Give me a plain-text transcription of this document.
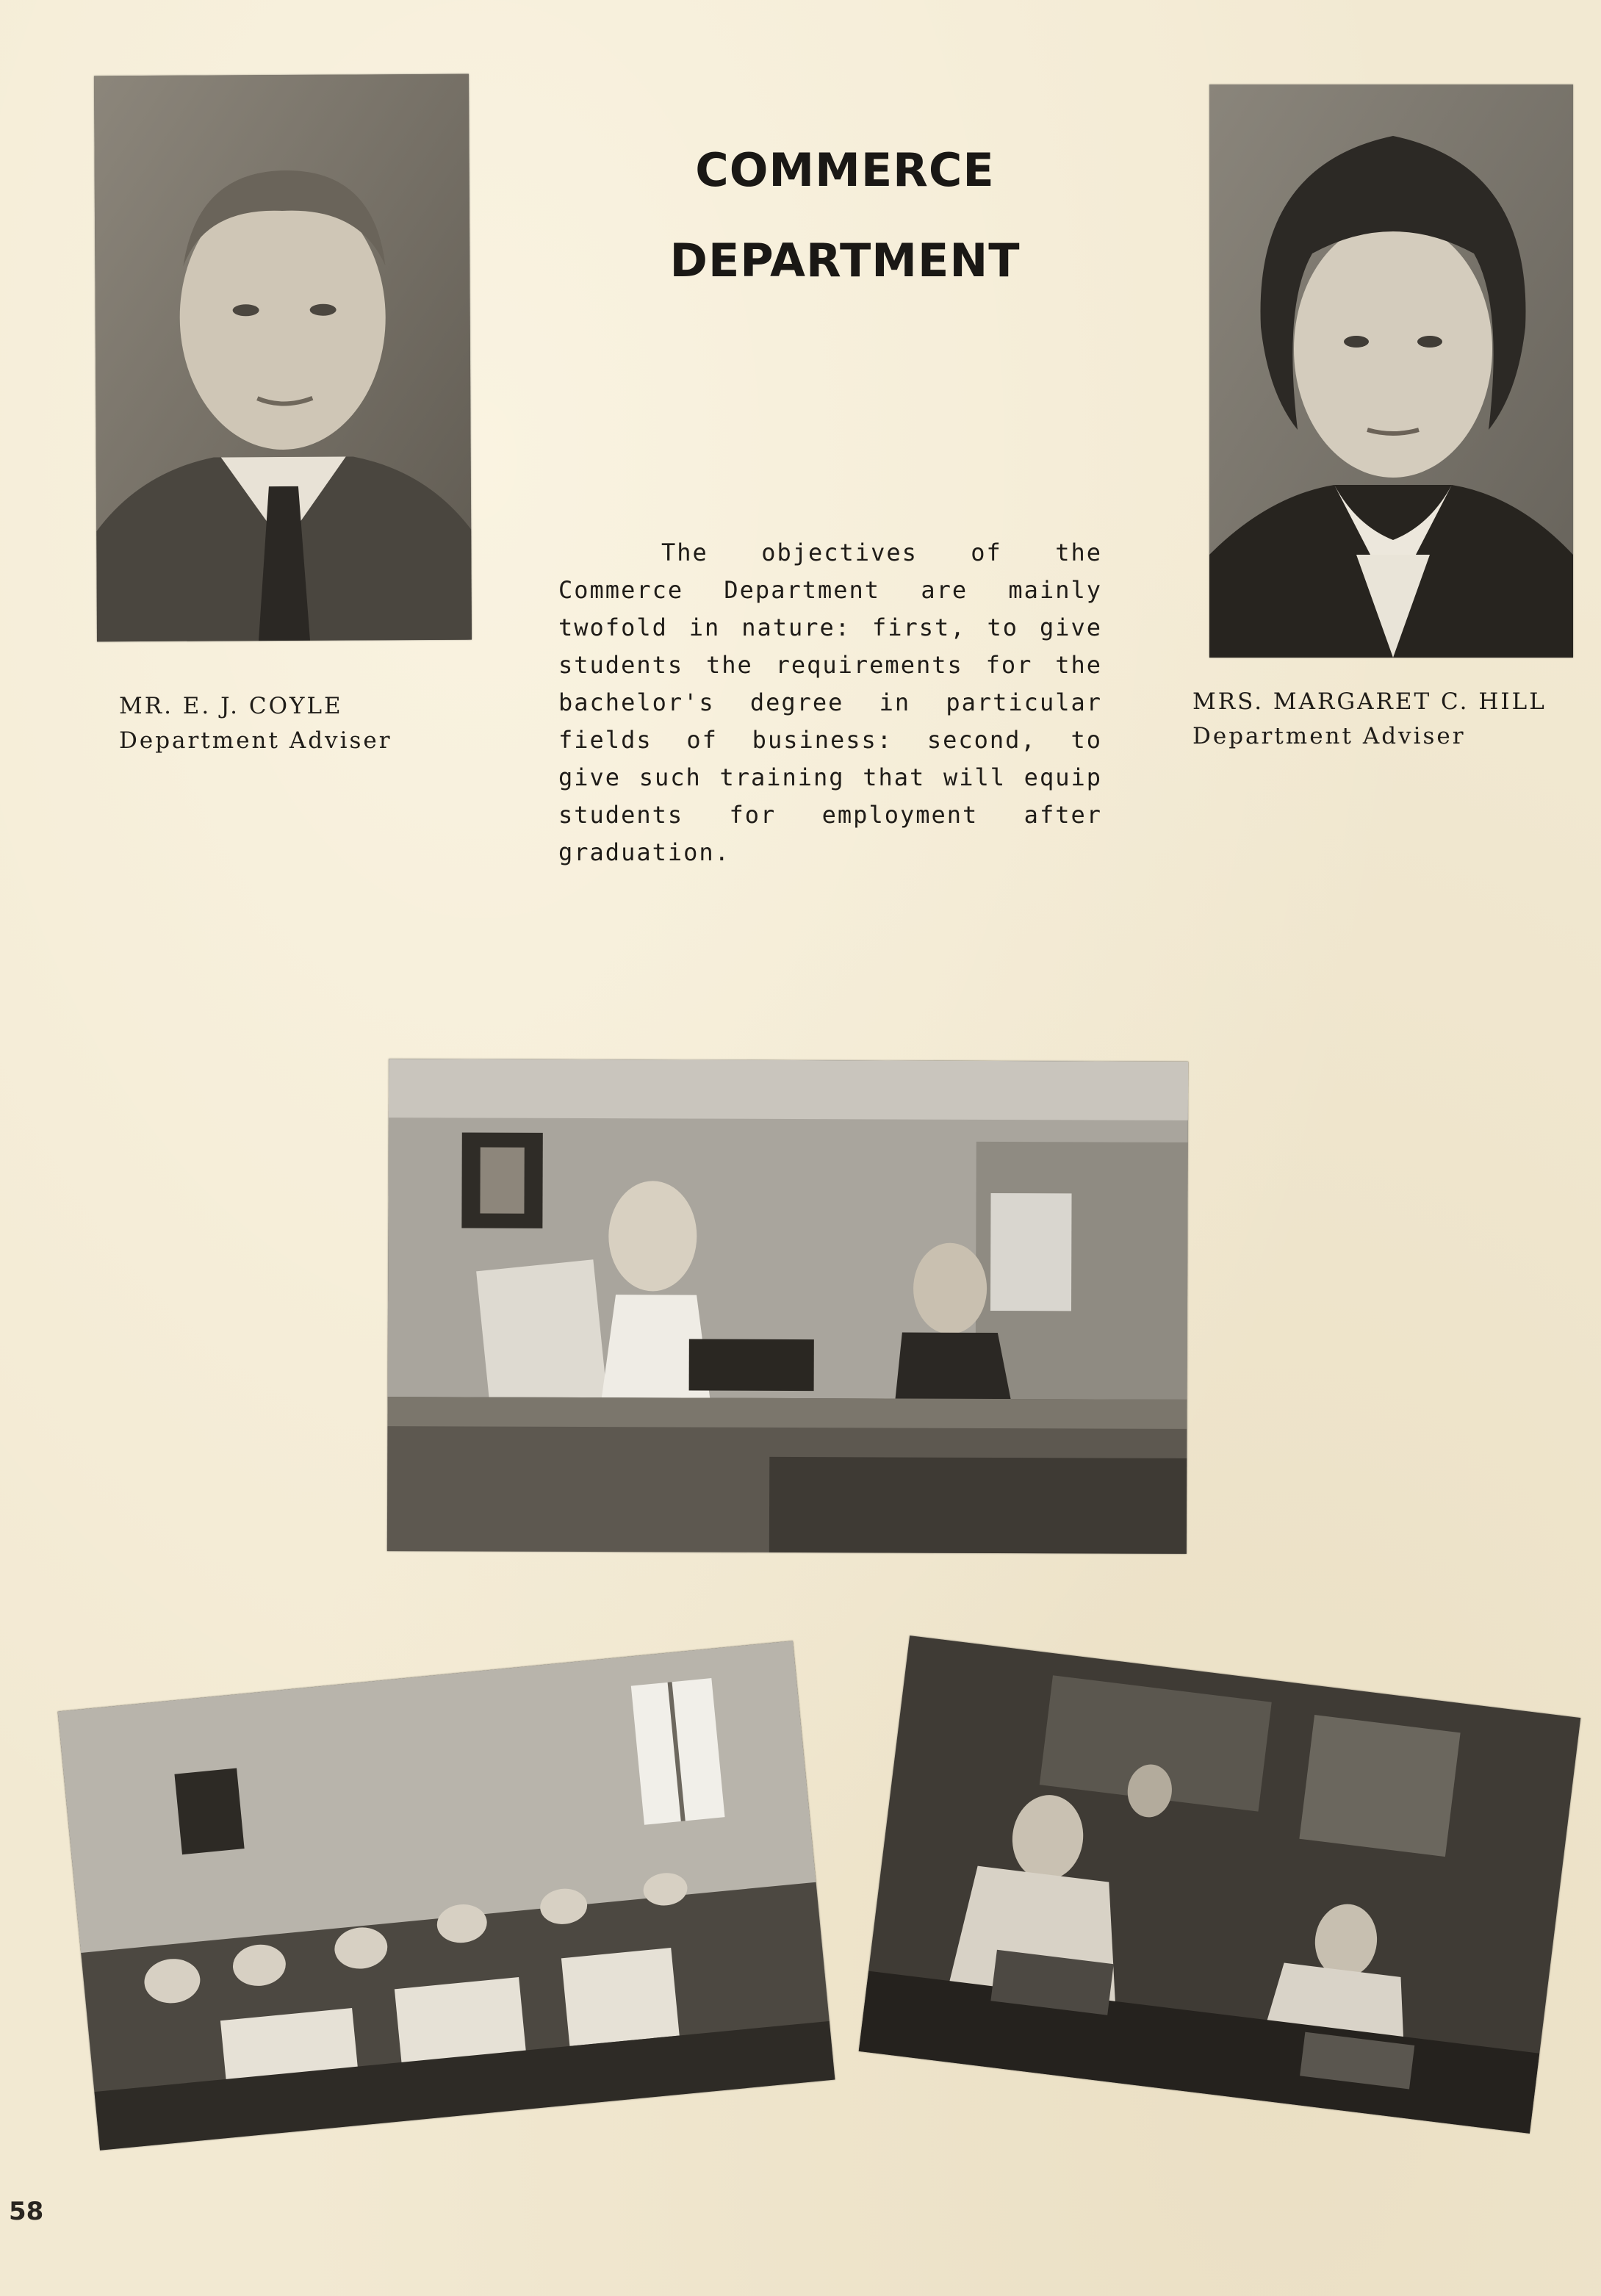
COMMERCE
DEPARTMENT
MR. E. J. COYLE
Department Adviser
MRS. MARGARET C. HILL
Department Adviser
The objectives of the Commerce Department are mainly twofold in nature: first, to give students the requirements for the bachelor's degree in particular fields of business: second, to give such training that will equip students for employment after graduation.
58
